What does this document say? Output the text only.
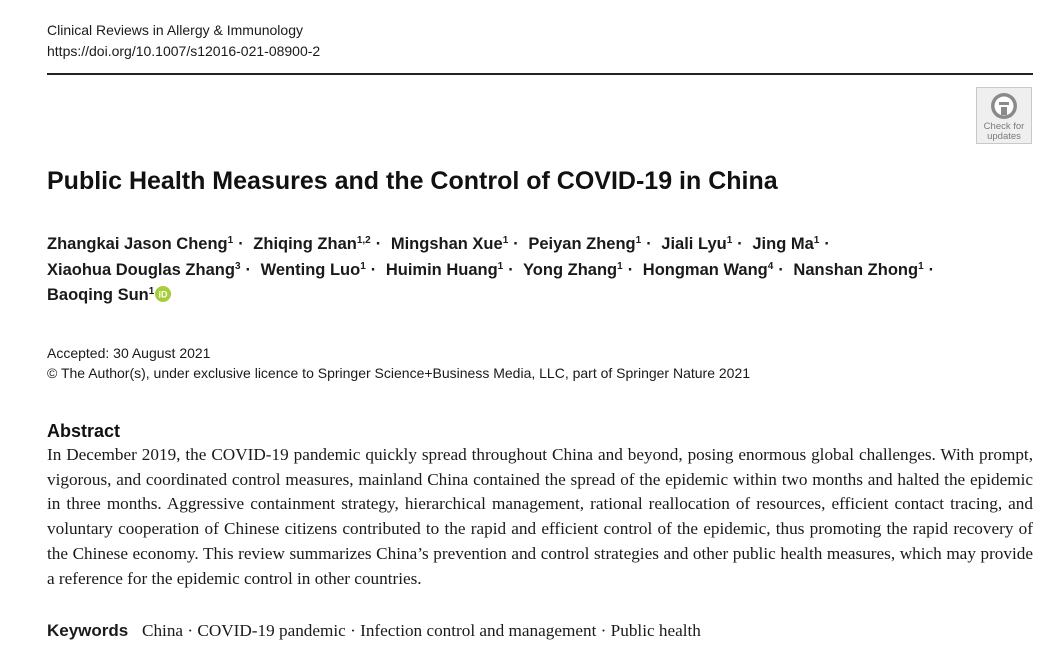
Clinical Reviews in Allergy & Immunology
https://doi.org/10.1007/s12016-021-08900-2
Check for
updates
Public Health Measures and the Control of COVID-19 in China
Zhangkai Jason Cheng$^1$ · Zhiqing Zhan$^{1,2}$ · Mingshan Xue$^1$ · Peiyan Zheng$^1$ · Jiali Lyu$^1$ · Jing $Ma^1$ ·
Xiaohua Douglas Zhang$^3$ · Wenting Luo$^1$ · Huimin Huang$^1$ · Yong Zhang$^1$ · Hongman Wang$^4$ · Nanshan Zhong$^1$ ·
Baoqing Sun$^1$ iD
Accepted: 30 August 2021
© The Author(s), under exclusive licence to Springer Science+Business Media, LLC, part of Springer Nature 2021
Abstract
In December 2019, the COVID-19 pandemic quickly spread throughout China and beyond, posing enormous global challenges. With prompt, vigorous, and coordinated control measures, mainland China contained the spread of the epidemic within two months and halted the epidemic in three months. Aggressive containment strategy, hierarchical management, rational reallocation of resources, efficient contact tracing, and voluntary cooperation of Chinese citizens contributed to the rapid and efficient control of the epidemic, thus promoting the rapid recovery of the Chinese economy. This review summarizes China’s prevention and control strategies and other public health measures, which may provide a reference for the epidemic control in other countries.
Keywords China · COVID-19 pandemic · Infection control and management · Public health
